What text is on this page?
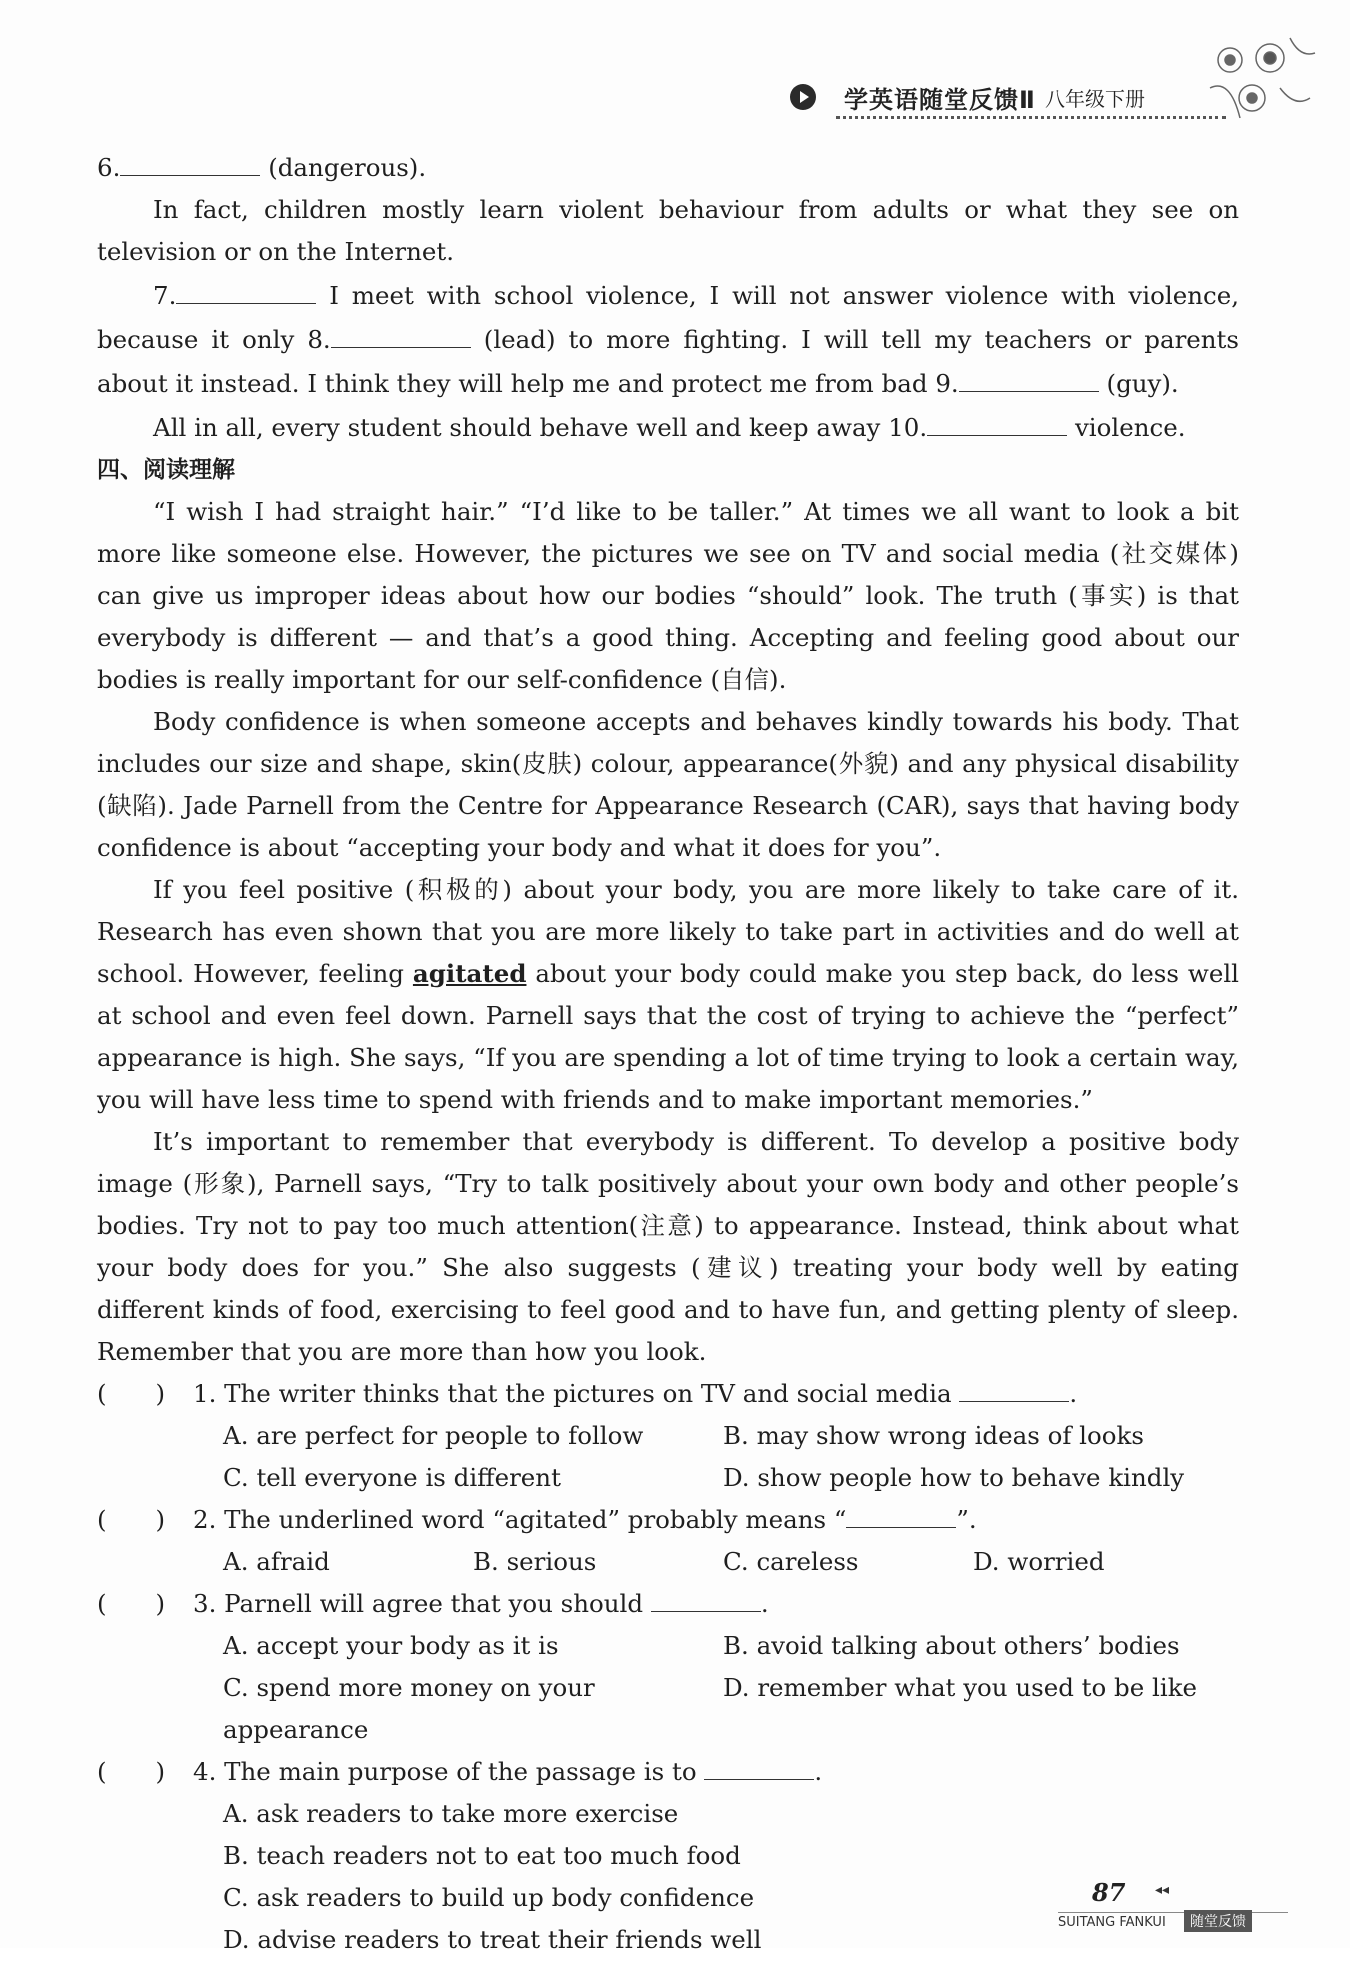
学英语随堂反馈Ⅱ 八年级下册

6.	(dangerous).

In fact, children mostly learn violent behaviour from adults or what they see on television or on the Internet.

7.	I meet with school violence, I will not answer violence with violence, because it only 8.	(lead) to more fighting. I will tell my teachers or parents about it instead. I think they will help me and protect me from bad 9.	(guy).

All in all, every student should behave well and keep away 10.	violence.

四、阅读理解

“I wish I had straight hair.” “I’d like to be taller.” At times we all want to look a bit more like someone else. However, the pictures we see on TV and social media (社交媒体) can give us improper ideas about how our bodies “should” look. The truth (事实) is that everybody is different — and that’s a good thing. Accepting and feeling good about our bodies is really important for our self-confidence (自信).

Body confidence is when someone accepts and behaves kindly towards his body. That includes our size and shape, skin(皮肤) colour, appearance(外貌) and any physical disability (缺陷). Jade Parnell from the Centre for Appearance Research (CAR), says that having body confidence is about “accepting your body and what it does for you”.

If you feel positive (积极的) about your body, you are more likely to take care of it. Research has even shown that you are more likely to take part in activities and do well at school. However, feeling agitated about your body could make you step back, do less well at school and even feel down. Parnell says that the cost of trying to achieve the “perfect” appearance is high. She says, “If you are spending a lot of time trying to look a certain way, you will have less time to spend with friends and to make important memories.”

It’s important to remember that everybody is different. To develop a positive body image (形象), Parnell says, “Try to talk positively about your own body and other people’s bodies. Try not to pay too much attention(注意) to appearance. Instead, think about what your body does for you.” She also suggests (建议) treating your body well by eating different kinds of food, exercising to feel good and to have fun, and getting plenty of sleep. Remember that you are more than how you look.

(　　) 1. The writer thinks that the pictures on TV and social media	.

A. are perfect for people to follow	B. may show wrong ideas of looks
C. tell everyone is different	D. show people how to behave kindly

(　　) 2. The underlined word “agitated” probably means “	”.

A. afraid	B. serious	C. careless	D. worried

(　　) 3. Parnell will agree that you should	.

A. accept your body as it is	B. avoid talking about others’ bodies
C. spend more money on your appearanceD. remember what you used to be like

(　　) 4. The main purpose of the passage is to	.

A. ask readers to take more exerciseB. teach readers not to eat too much food
C. ask readers to build up body confidence
D. advise readers to treat their friends well
87 ◂◂
SUITANG FANKUI	随堂反馈
